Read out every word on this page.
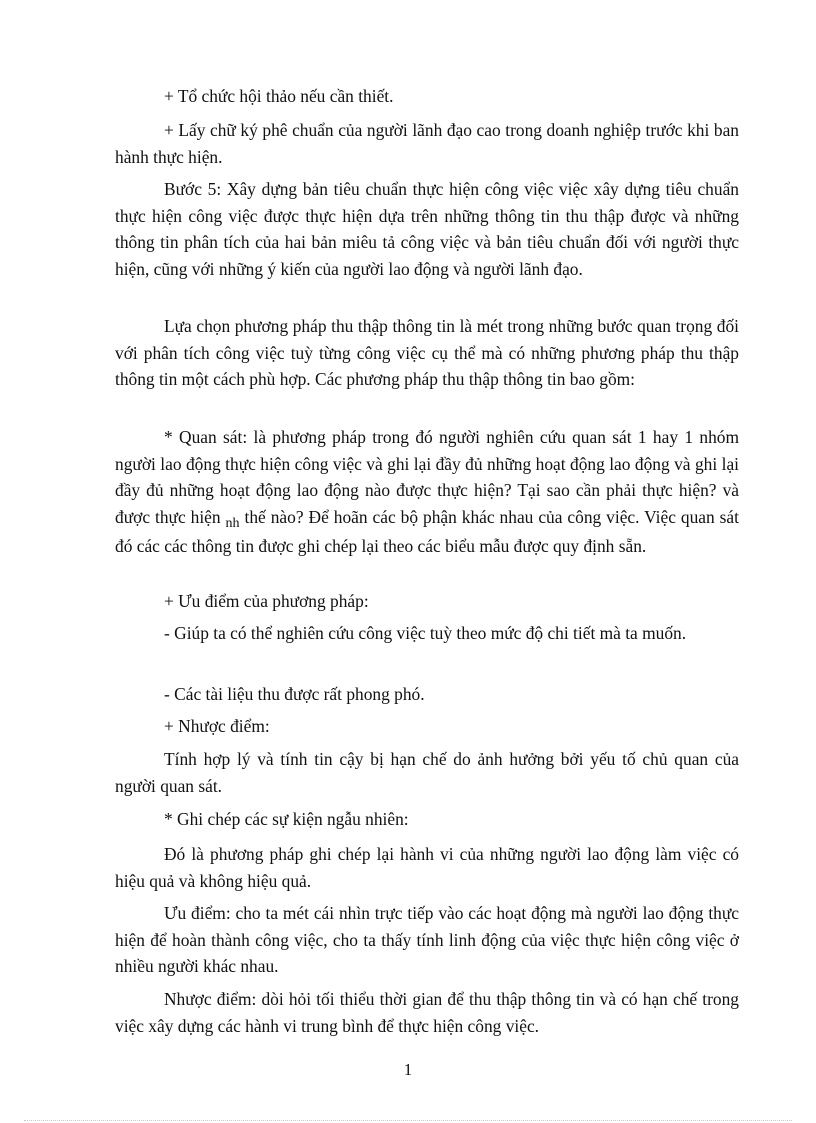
+ Tổ chức hội thảo nếu cần thiết.

+ Lấy chữ ký phê chuẩn của người lãnh đạo cao trong doanh nghiệp trước khi ban hành thực hiện.

Bước 5: Xây dựng bản tiêu chuẩn thực hiện công việc việc xây dựng tiêu chuẩn thực hiện công việc được thực hiện dựa trên những thông tin thu thập được và những thông tin phân tích của hai bản miêu tả công việc và bản tiêu chuẩn đối với người thực hiện, cũng với những ý kiến của người lao động và người lãnh đạo.

Lựa chọn phương pháp thu thập thông tin là mét trong những bước quan trọng đối với phân tích công việc tuỳ từng công việc cụ thể mà có những phương pháp thu thập thông tin một cách phù hợp. Các phương pháp thu thập thông tin bao gồm:

* Quan sát: là phương pháp trong đó người nghiên cứu quan sát 1 hay 1 nhóm người lao động thực hiện công việc và ghi lại đầy đủ những hoạt động lao động và ghi lại đầy đủ những hoạt động lao động nào được thực hiện? Tại sao cần phải thực hiện? và được thực hiện $_{nh}$ thế nào? Để hoãn các bộ phận khác nhau của công việc. Việc quan sát đó các các thông tin được ghi chép lại theo các biểu mẫu được quy định sẵn.

+ Ưu điểm của phương pháp:

- Giúp ta có thể nghiên cứu công việc tuỳ theo mức độ chi tiết mà ta muốn.

- Các tài liệu thu được rất phong phó.

+ Nhược điểm:

Tính hợp lý và tính tin cậy bị hạn chế do ảnh hưởng bởi yếu tố chủ quan của người quan sát.

* Ghi chép các sự kiện ngẫu nhiên:

Đó là phương pháp ghi chép lại hành vi của những người lao động làm việc có hiệu quả và không hiệu quả.

Ưu điểm: cho ta mét cái nhìn trực tiếp vào các hoạt động mà người lao động thực hiện để hoàn thành công việc, cho ta thấy tính linh động của việc thực hiện công việc ở nhiều người khác nhau.

Nhược điểm: dòi hỏi tối thiểu thời gian để thu thập thông tin và có hạn chế trong việc xây dựng các hành vi trung bình để thực hiện công việc.

1
